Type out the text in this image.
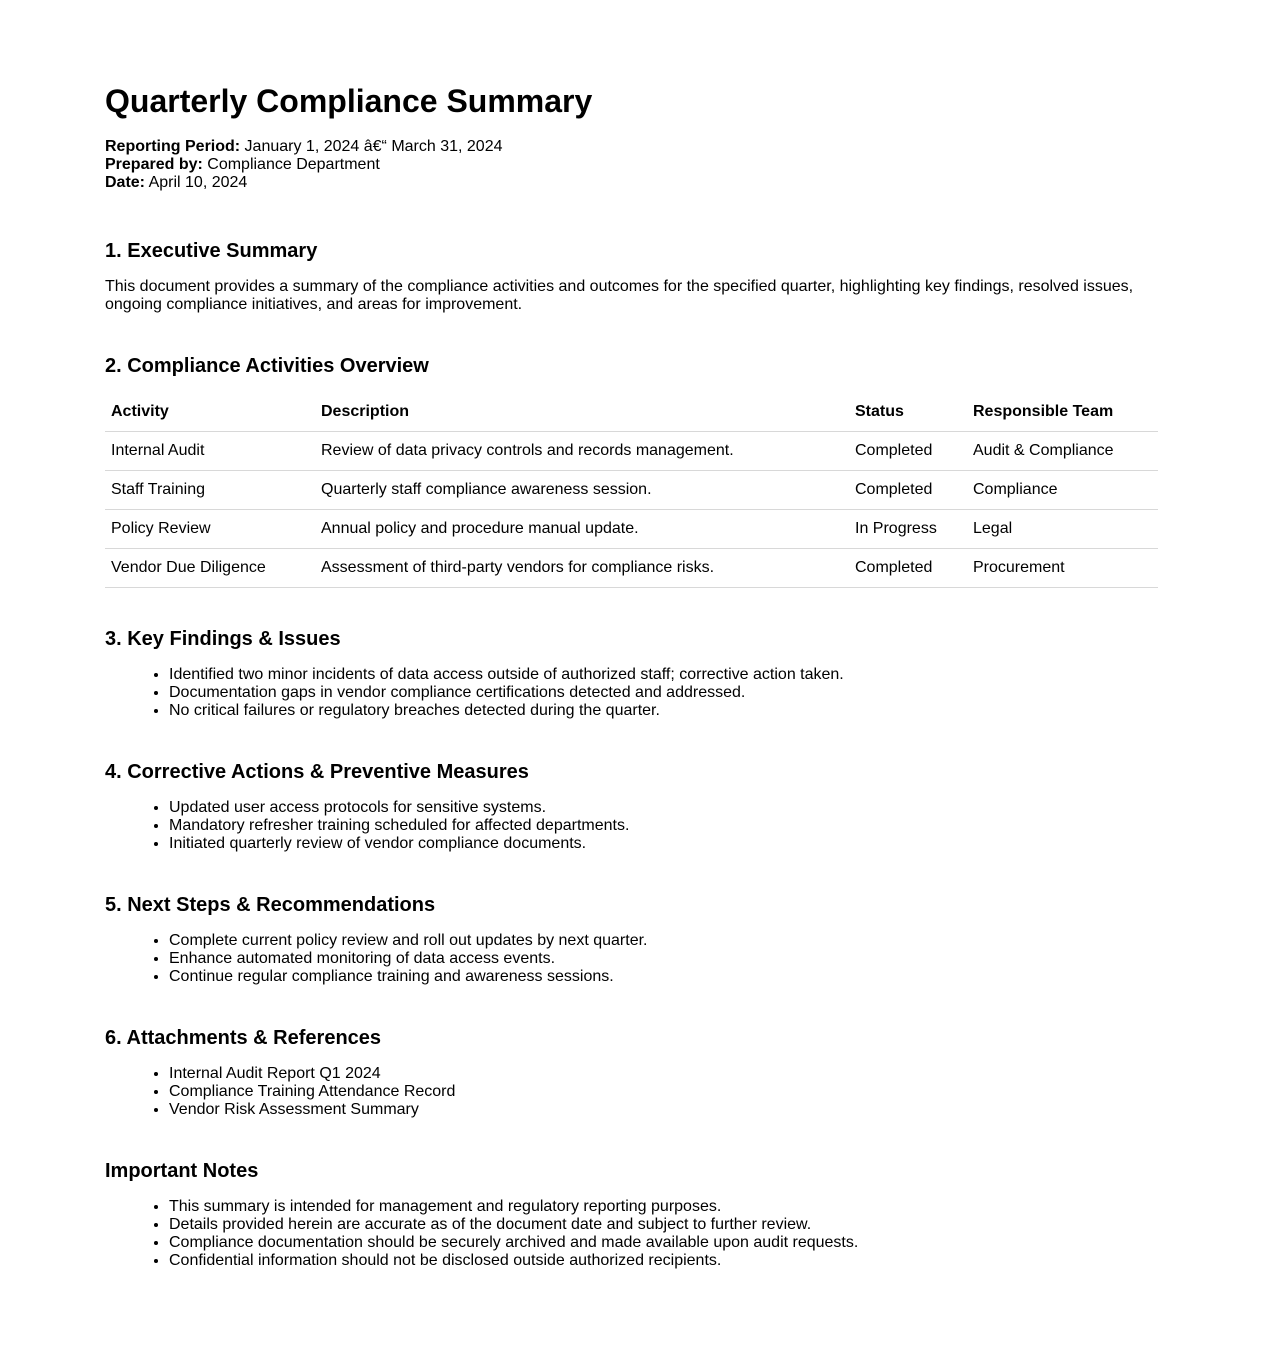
Quarterly Compliance Summary
Reporting Period: January 1, 2024 â€“ March 31, 2024
Prepared by: Compliance Department
Date: April 10, 2024
1. Executive Summary

This document provides a summary of the compliance activities and outcomes for the specified quarter, highlighting key findings, resolved issues, ongoing compliance initiatives, and areas for improvement.

2. Compliance Activities Overview
Activity	Description	Status	Responsible Team
Internal Audit	Review of data privacy controls and records management.	Completed	Audit & Compliance
Staff Training	Quarterly staff compliance awareness session.	Completed	Compliance
Policy Review	Annual policy and procedure manual update.	In Progress	Legal
Vendor Due Diligence	Assessment of third-party vendors for compliance risks.	Completed	Procurement
3. Key Findings & Issues
• Identified two minor incidents of data access outside of authorized staff; corrective action taken.
• Documentation gaps in vendor compliance certifications detected and addressed.
• No critical failures or regulatory breaches detected during the quarter.
4. Corrective Actions & Preventive Measures
• Updated user access protocols for sensitive systems.
• Mandatory refresher training scheduled for affected departments.
• Initiated quarterly review of vendor compliance documents.
5. Next Steps & Recommendations
• Complete current policy review and roll out updates by next quarter.
• Enhance automated monitoring of data access events.
• Continue regular compliance training and awareness sessions.
6. Attachments & References
• Internal Audit Report Q1 2024
• Compliance Training Attendance Record
• Vendor Risk Assessment Summary
Important Notes
• This summary is intended for management and regulatory reporting purposes.
• Details provided herein are accurate as of the document date and subject to further review.
• Compliance documentation should be securely archived and made available upon audit requests.
• Confidential information should not be disclosed outside authorized recipients.
